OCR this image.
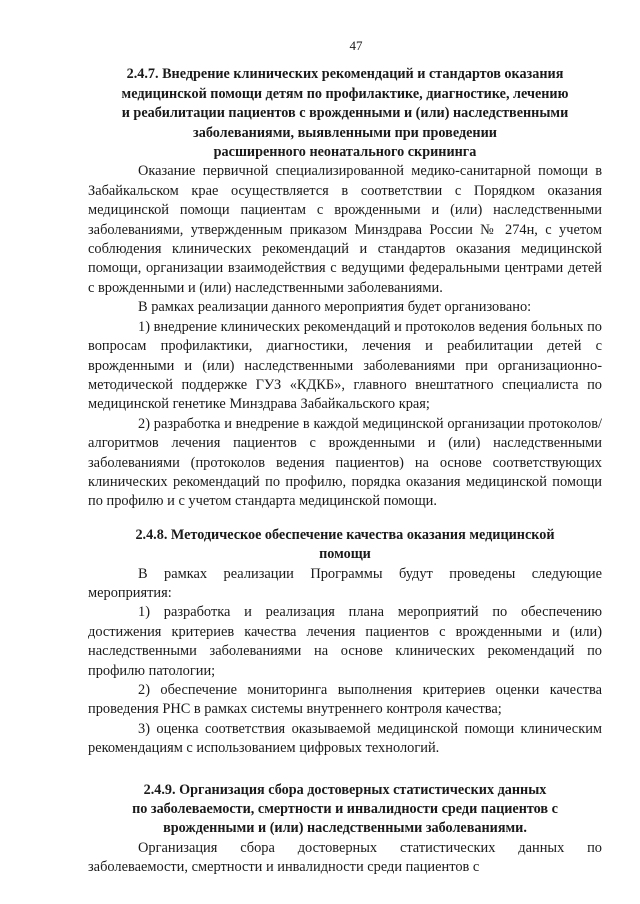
47
2.4.7. Внедрение клинических рекомендаций и стандартов оказания
медицинской помощи детям по профилактике, диагностике, лечению
и реабилитации пациентов с врожденными и (или) наследственными
заболеваниями, выявленными при проведении
расширенного неонатального скрининга

Оказание первичной специализированной медико-санитарной помощи в Забайкальском крае осуществляется в соответствии с Порядком оказания медицинской помощи пациентам с врожденными и (или) наследственными заболеваниями, утвержденным приказом Минздрава России № 274н, с учетом соблюдения клинических рекомендаций и стандартов оказания медицинской помощи, организации взаимодействия с ведущими федеральными центрами детей с врожденными и (или) наследственными заболеваниями.

В рамках реализации данного мероприятия будет организовано:

1) внедрение клинических рекомендаций и протоколов ведения больных по вопросам профилактики, диагностики, лечения и реабилитации детей с врожденными и (или) наследственными заболеваниями при организационно-методической поддержке ГУЗ «КДКБ», главного внештатного специалиста по медицинской генетике Минздрава Забайкальского края;

2) разработка и внедрение в каждой медицинской организации протоколов/алгоритмов лечения пациентов с врожденными и (или) наследственными заболеваниями (протоколов ведения пациентов) на основе соответствующих клинических рекомендаций по профилю, порядка оказания медицинской помощи по профилю и с учетом стандарта медицинской помощи.

2.4.8. Методическое обеспечение качества оказания медицинской
помощи

В рамках реализации Программы будут проведены следующие мероприятия:

1) разработка и реализация плана мероприятий по обеспечению достижения критериев качества лечения пациентов с врожденными и (или) наследственными заболеваниями на основе клинических рекомендаций по профилю патологии;

2) обеспечение мониторинга выполнения критериев оценки качества проведения РНС в рамках системы внутреннего контроля качества;

3) оценка соответствия оказываемой медицинской помощи клиническим рекомендациям с использованием цифровых технологий.

2.4.9. Организация сбора достоверных статистических данных
по заболеваемости, смертности и инвалидности среди пациентов с
врожденными и (или) наследственными заболеваниями.

Организация сбора достоверных статистических данных по заболеваемости, смертности и инвалидности среди пациентов с
